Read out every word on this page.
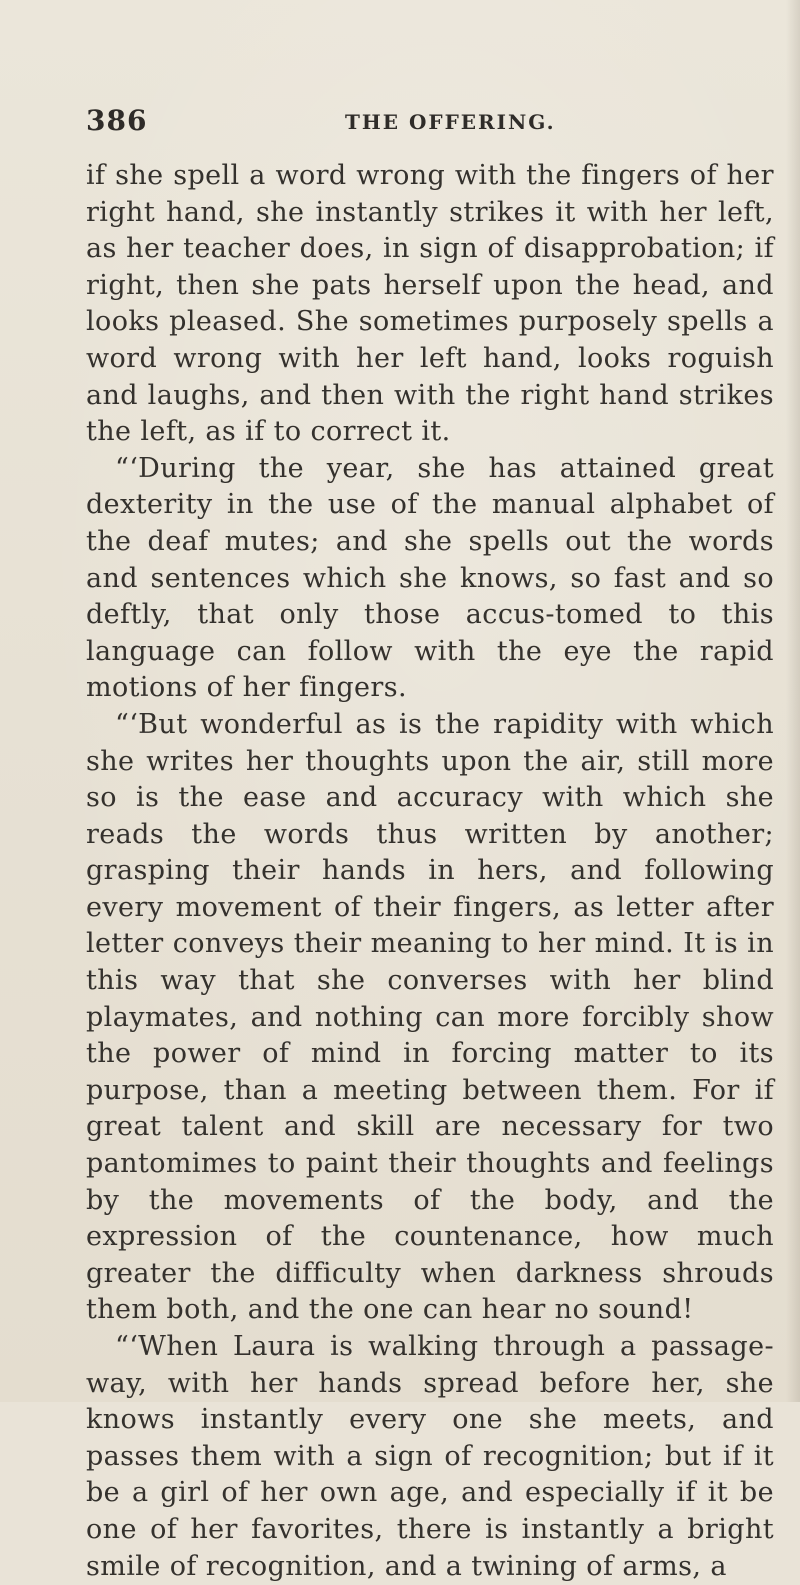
386	THE OFFERING.

if she spell a word wrong with the fingers of her right hand, she instantly strikes it with her left, as her teacher does, in sign of disapprobation; if right, then she pats herself upon the head, and looks pleased. She sometimes purposely spells a word wrong with her left hand, looks roguish and laughs, and then with the right hand strikes the left, as if to correct it.

“‘During the year, she has attained great dexterity in the use of the manual alphabet of the deaf mutes; and she spells out the words and sentences which she knows, so fast and so deftly, that only those accus-tomed to this language can follow with the eye the rapid motions of her fingers.

“‘But wonderful as is the rapidity with which she writes her thoughts upon the air, still more so is the ease and accuracy with which she reads the words thus written by another; grasping their hands in hers, and following every movement of their fingers, as letter after letter conveys their meaning to her mind. It is in this way that she converses with her blind playmates, and nothing can more forcibly show the power of mind in forcing matter to its purpose, than a meeting between them. For if great talent and skill are necessary for two pantomimes to paint their thoughts and feelings by the movements of the body, and the expression of the countenance, how much greater the difficulty when darkness shrouds them both, and the one can hear no sound!

“‘When Laura is walking through a passage-way, with her hands spread before her, she knows instantly every one she meets, and passes them with a sign of recognition; but if it be a girl of her own age, and especially if it be one of her favorites, there is instantly a bright smile of recognition, and a twining of arms, a
